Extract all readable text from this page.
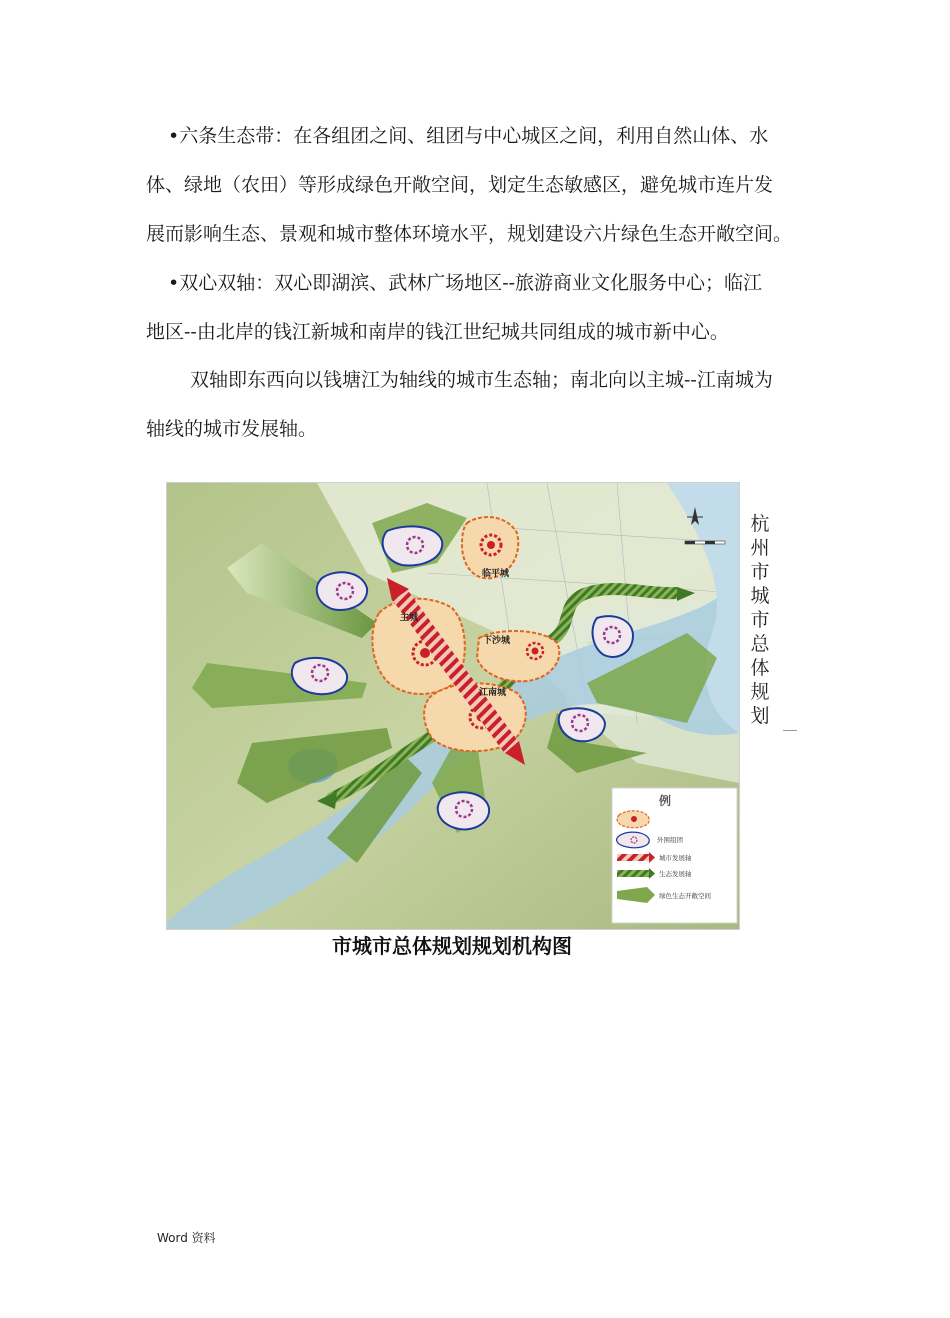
•六条生态带：在各组团之间、组团与中心城区之间，利用自然山体、水
体、绿地（农田）等形成绿色开敞空间，划定生态敏感区，避免城市连片发
展而影响生态、景观和城市整体环境水平，规划建设六片绿色生态开敞空间。

•双心双轴：双心即湖滨、武林广场地区--旅游商业文化服务中心；临江
地区--由北岸的钱江新城和南岸的钱江世纪城共同组成的城市新中心。

双轴即东西向以钱塘江为轴线的城市生态轴；南北向以主城--江南城为
轴线的城市发展轴。

主城
临平城
下沙城
江南城
例
外围组团
城市发展轴
生态发展轴
绿色生态开敞空间
杭州市城市总体规划
市城市总体规划规划机构图
Word 资料
